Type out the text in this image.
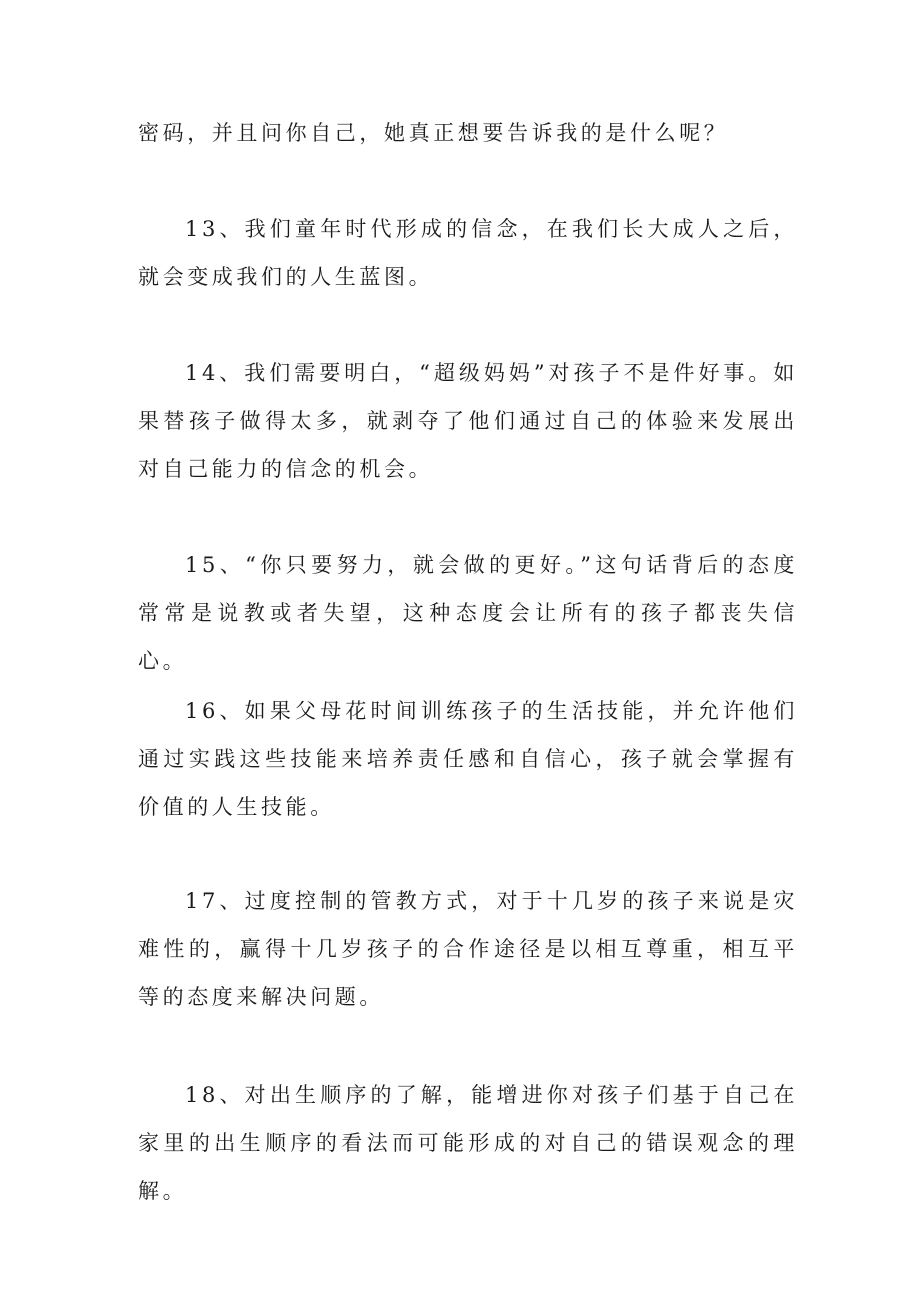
密码，并且问你自己，她真正想要告诉我的是什么呢？

13、我们童年时代形成的信念，在我们长大成人之后，就会变成我们的人生蓝图。

14、我们需要明白，“超级妈妈”对孩子不是件好事。如果替孩子做得太多，就剥夺了他们通过自己的体验来发展出对自己能力的信念的机会。

15、“你只要努力，就会做的更好。”这句话背后的态度常常是说教或者失望，这种态度会让所有的孩子都丧失信心。

16、如果父母花时间训练孩子的生活技能，并允许他们通过实践这些技能来培养责任感和自信心，孩子就会掌握有价值的人生技能。

17、过度控制的管教方式，对于十几岁的孩子来说是灾难性的，赢得十几岁孩子的合作途径是以相互尊重，相互平等的态度来解决问题。

18、对出生顺序的了解，能增进你对孩子们基于自己在家里的出生顺序的看法而可能形成的对自己的错误观念的理解。
